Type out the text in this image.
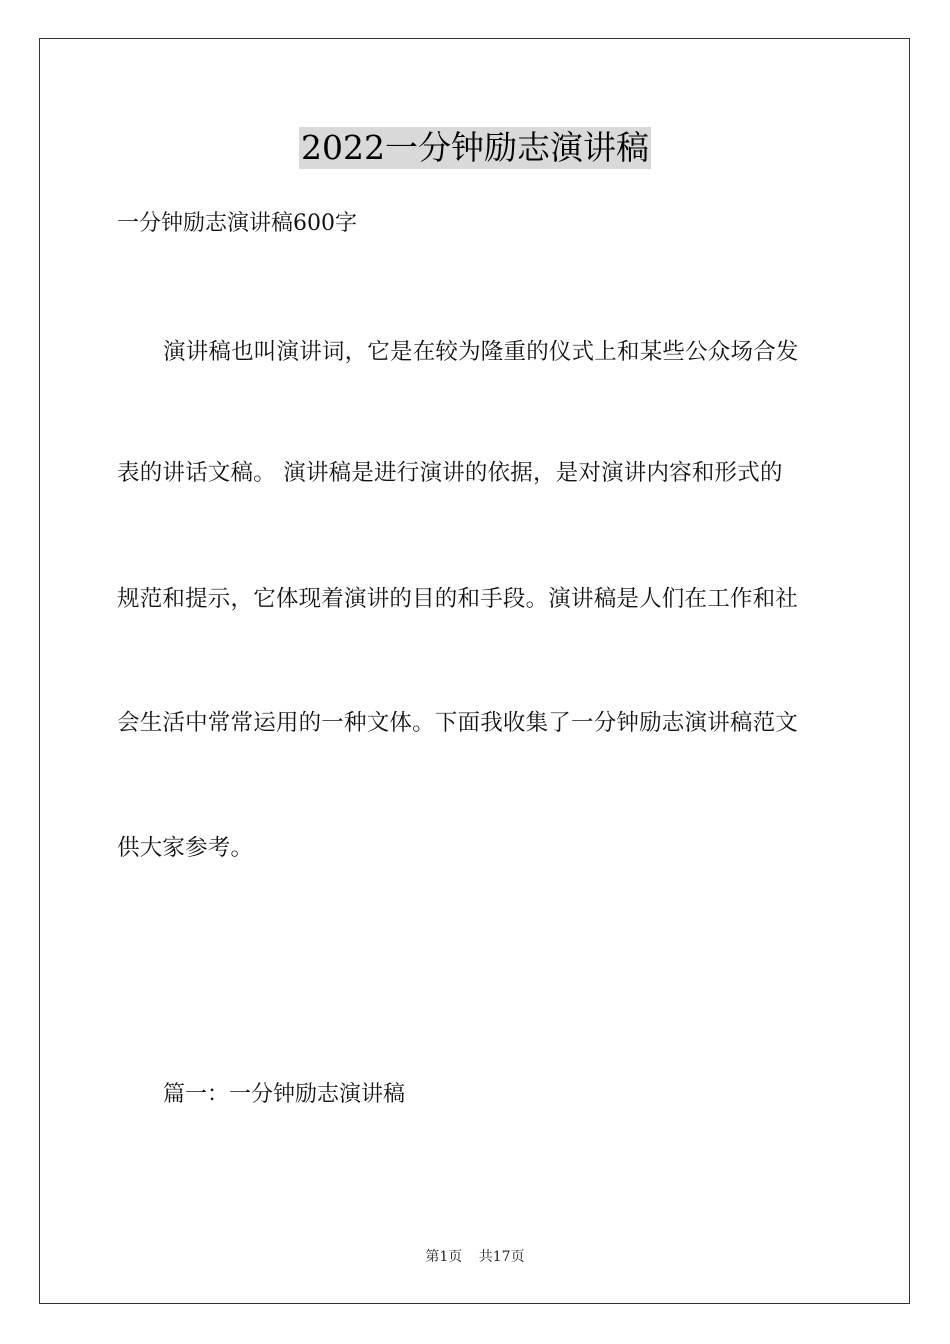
2022一分钟励志演讲稿
一分钟励志演讲稿600字
演讲稿也叫演讲词，它是在较为隆重的仪式上和某些公众场合发
表的讲话文稿。 演讲稿是进行演讲的依据，是对演讲内容和形式的
规范和提示，它体现着演讲的目的和手段。演讲稿是人们在工作和社
会生活中常常运用的一种文体。下面我收集了一分钟励志演讲稿范文
供大家参考。
篇一：一分钟励志演讲稿
第1页 共17页
